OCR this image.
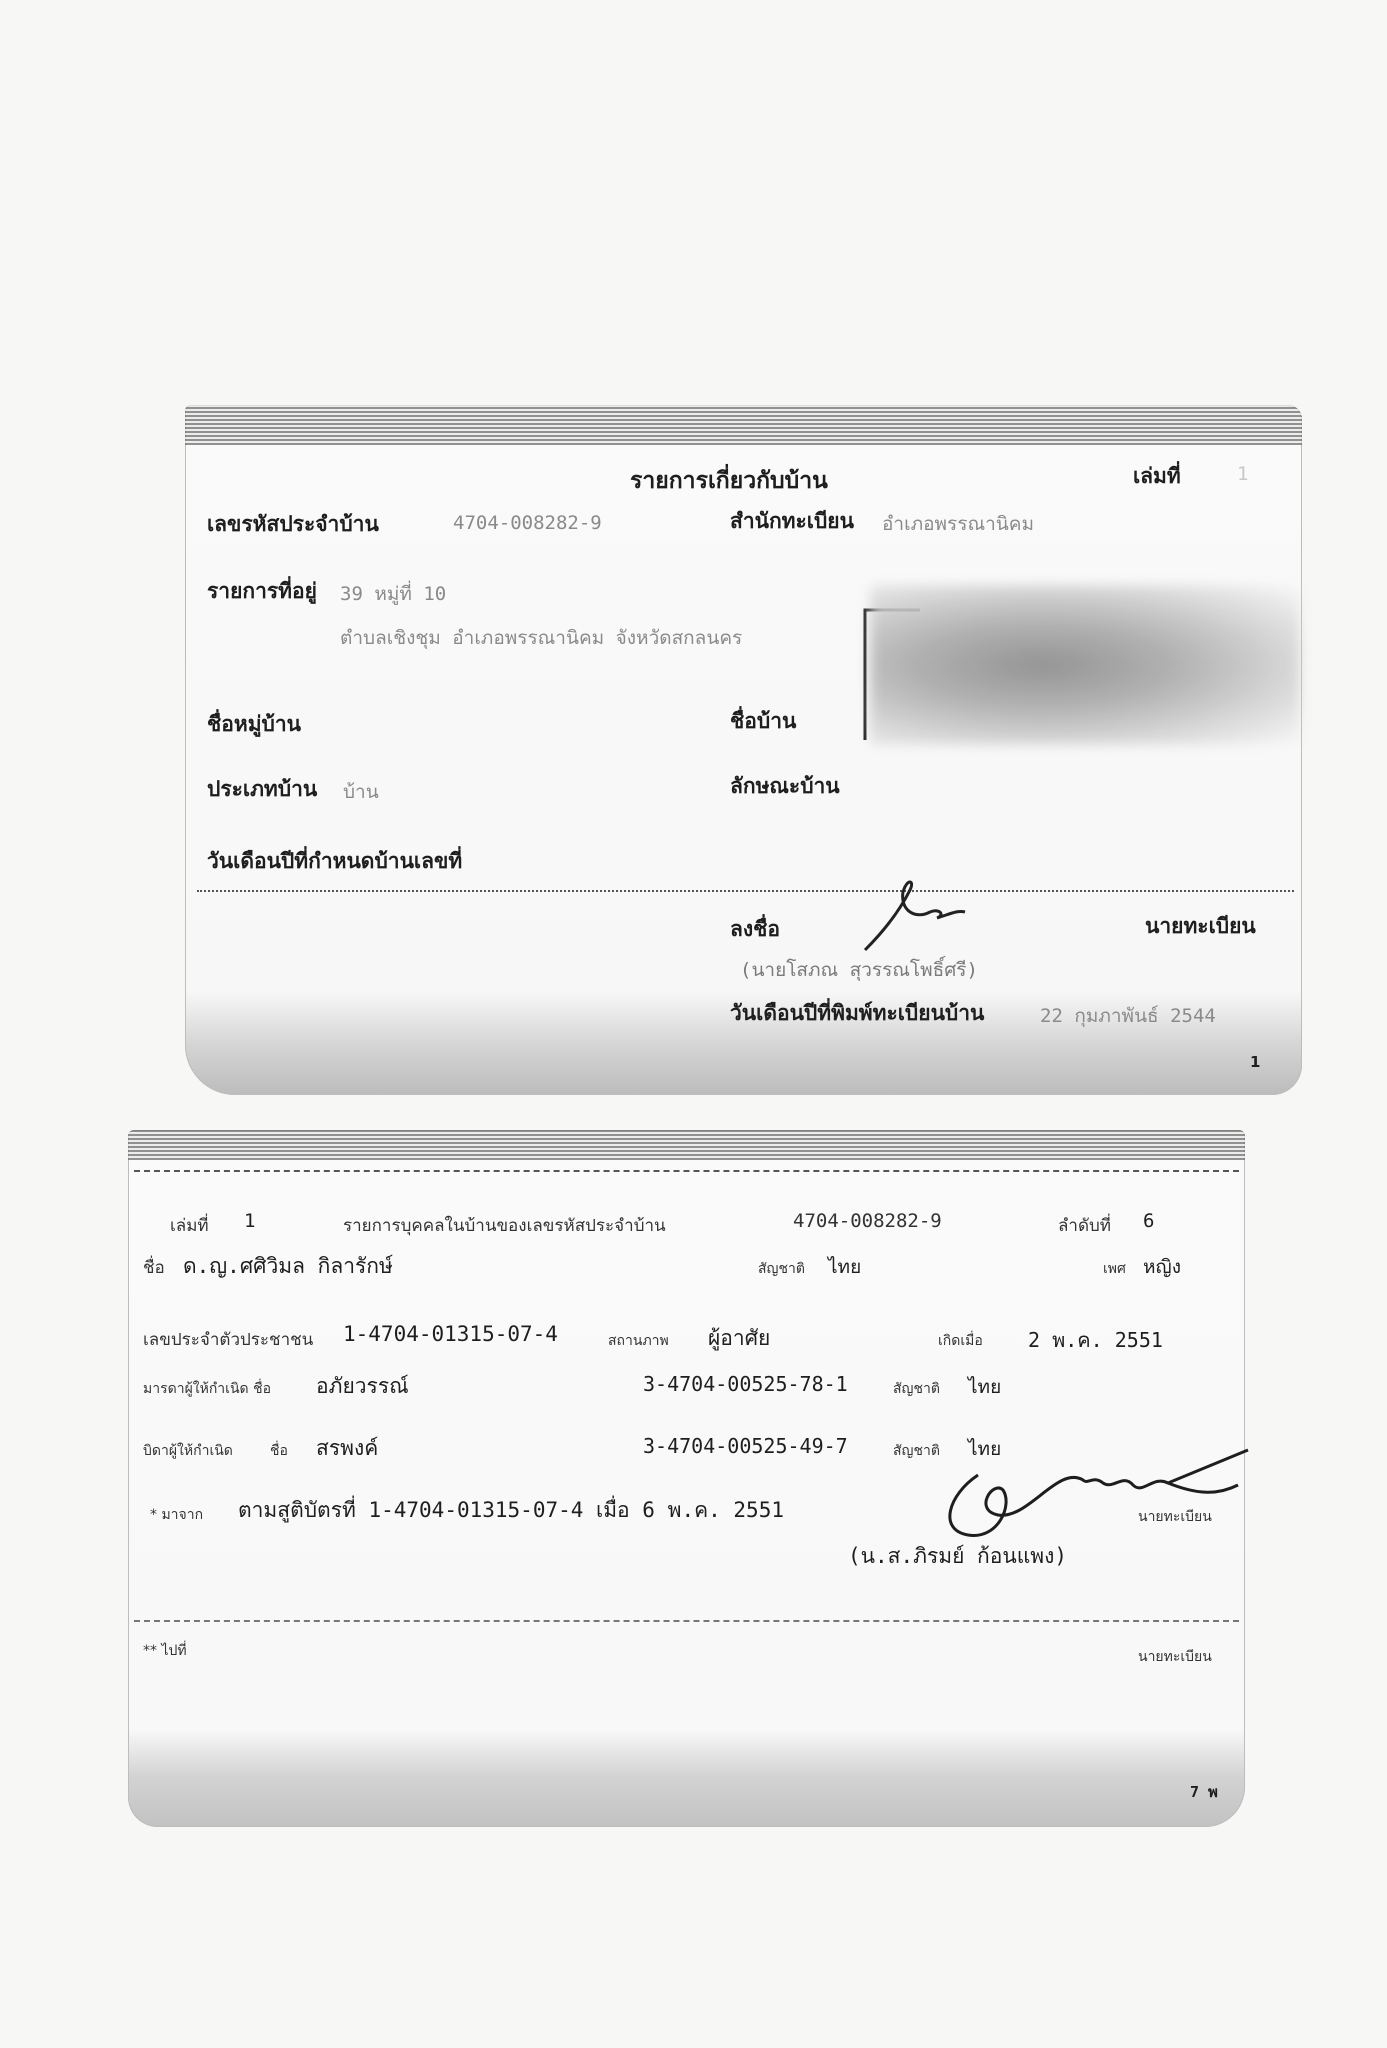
รายการเกี่ยวกับบ้าน	เล่มที่	1
เลขรหัสประจำบ้าน	4704-008282-9	สำนักทะเบียน อำเภอพรรณานิคม
รายการที่อยู่ 39 หมู่ที่ 10
ตำบลเชิงชุม อำเภอพรรณานิคม จังหวัดสกลนคร
ชื่อหมู่บ้าน	ชื่อบ้าน
ประเภทบ้าน บ้าน	ลักษณะบ้าน
วันเดือนปีที่กำหนดบ้านเลขที่
ลงชื่อ	นายทะเบียน
(นายโสภณ สุวรรณโพธิ์ศรี)
วันเดือนปีที่พิมพ์ทะเบียนบ้าน	22 กุมภาพันธ์ 2544
1
เล่มที่ 1	รายการบุคคลในบ้านของเลขรหัสประจำบ้าน	4704-008282-9	ลำดับที่ 6
ชื่อ ด.ญ.ศศิวิมล กิลารักษ์	สัญชาติ ไทย	เพศ หญิง
เลขประจำตัวประชาชน 1-4704-01315-07-4	สถานภาพ ผู้อาศัย	เกิดเมื่อ 2 พ.ค. 2551
มารดาผู้ให้กำเนิด ชื่อ อภัยวรรณ์	3-4704-00525-78-1	สัญชาติ ไทย
บิดาผู้ให้กำเนิด	ชื่อ สรพงค์	3-4704-00525-49-7	สัญชาติ ไทย
* มาจาก ตามสูติบัตรที่ 1-4704-01315-07-4 เมื่อ 6 พ.ค. 2551	นายทะเบียน
(น.ส.ภิรมย์ ก้อนแพง)
** ไปที่	นายทะเบียน
7 พ
